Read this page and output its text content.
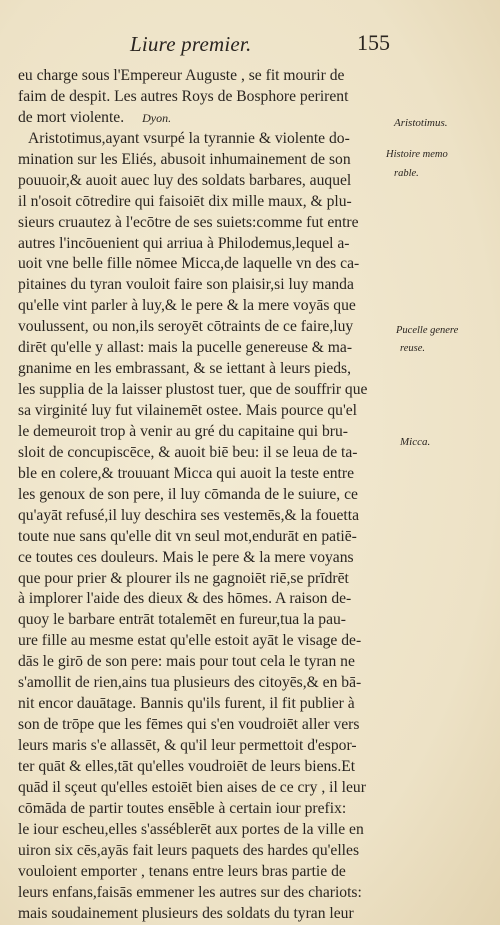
Liure premier.	155
eu charge sous l'Empereur Auguste , se fit mourir de
faim de despit. Les autres Roys de Bosphore perirent
de mort violente. Dyon.
Aristotimus,ayant vsurpé la tyrannie & violente do-
mination sur les Eliés, abusoit inhumainement de son
pouuoir,& auoit auec luy des soldats barbares, auquel
il n'osoit cōtredire qui faisoiēt dix mille maux, & plu-
sieurs cruautez à l'ecōtre de ses suiets:comme fut entre
autres l'incōuenient qui arriua à Philodemus,lequel a-
uoit vne belle fille nōmee Micca,de laquelle vn des ca-
pitaines du tyran vouloit faire son plaisir,si luy manda
qu'elle vint parler à luy,& le pere & la mere voyās que
voulussent, ou non,ils seroyēt cōtraints de ce faire,luy
dirēt qu'elle y allast: mais la pucelle genereuse & ma-
gnanime en les embrassant, & se iettant à leurs pieds,
les supplia de la laisser plustost tuer, que de souffrir que
sa virginité luy fut vilainemēt ostee. Mais pource qu'el
le demeuroit trop à venir au gré du capitaine qui bru-
sloit de concupiscēce, & auoit biē beu: il se leua de ta-
ble en colere,& trouuant Micca qui auoit la teste entre
les genoux de son pere, il luy cōmanda de le suiure, ce
qu'ayāt refusé,il luy deschira ses vestemēs,& la fouetta
toute nue sans qu'elle dit vn seul mot,endurāt en patiē-
ce toutes ces douleurs. Mais le pere & la mere voyans
que pour prier & plourer ils ne gagnoiēt riē,se prīdrēt
à implorer l'aide des dieux & des hōmes. A raison de-
quoy le barbare entrāt totalemēt en fureur,tua la pau-
ure fille au mesme estat qu'elle estoit ayāt le visage de-
dās le girō de son pere: mais pour tout cela le tyran ne
s'amollit de rien,ains tua plusieurs des citoyēs,& en bā-
nit encor dauātage. Bannis qu'ils furent, il fit publier à
son de trōpe que les fēmes qui s'en voudroiēt aller vers
leurs maris s'e allassēt, & qu'il leur permettoit d'espor-
ter quāt & elles,tāt qu'elles voudroiēt de leurs biens.Et
quād il sçeut qu'elles estoiēt bien aises de ce cry , il leur
cōmāda de partir toutes ensēble à certain iour prefix:
le iour escheu,elles s'asséblerēt aux portes de la ville en
uiron six cēs,ayās fait leurs paquets des hardes qu'elles
vouloient emporter , tenans entre leurs bras partie de
leurs enfans,faisās emmener les autres sur des chariots:
mais soudainement plusieurs des soldats du tyran leur
Aristotimus.
Histoire memo
rable.
Pucelle genere
reuse.
Micca.
